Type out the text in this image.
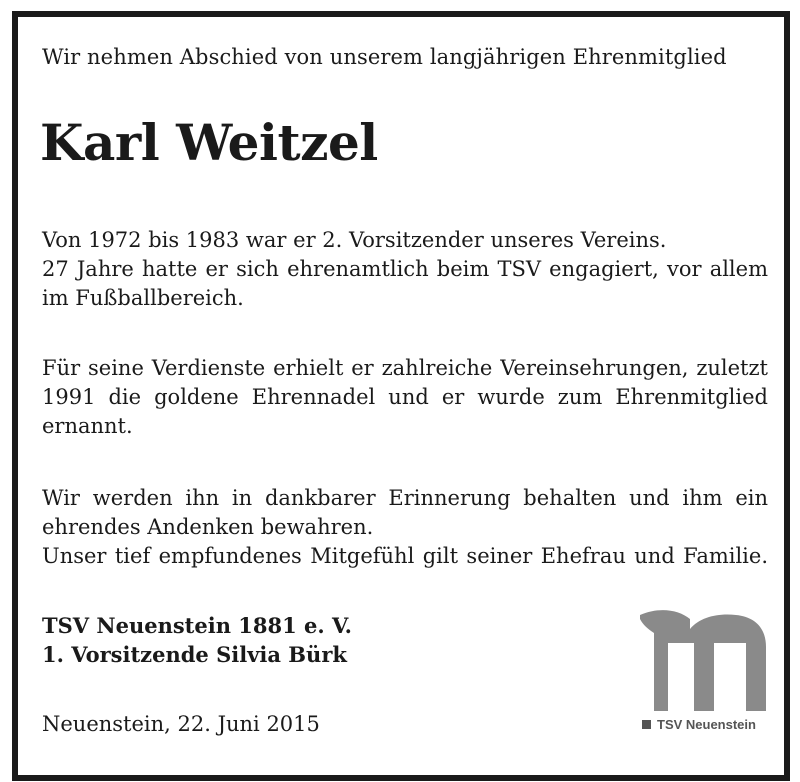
Wir nehmen Abschied von unserem langjährigen Ehrenmitglied
Karl Weitzel
Von 1972 bis 1983 war er 2. Vorsitzender unseres Vereins.
27 Jahre hatte er sich ehrenamtlich beim TSV engagiert, vor allem
im Fußballbereich.
Für seine Verdienste erhielt er zahlreiche Vereinsehrungen, zuletzt
1991 die goldene Ehrennadel und er wurde zum Ehrenmitglied
ernannt.
Wir werden ihn in dankbarer Erinnerung behalten und ihm ein
ehrendes Andenken bewahren.
Unser tief empfundenes Mitgefühl gilt seiner Ehefrau und Familie.
TSV Neuenstein 1881 e. V.
1. Vorsitzende Silvia Bürk
Neuenstein, 22. Juni 2015	TSV Neuenstein
